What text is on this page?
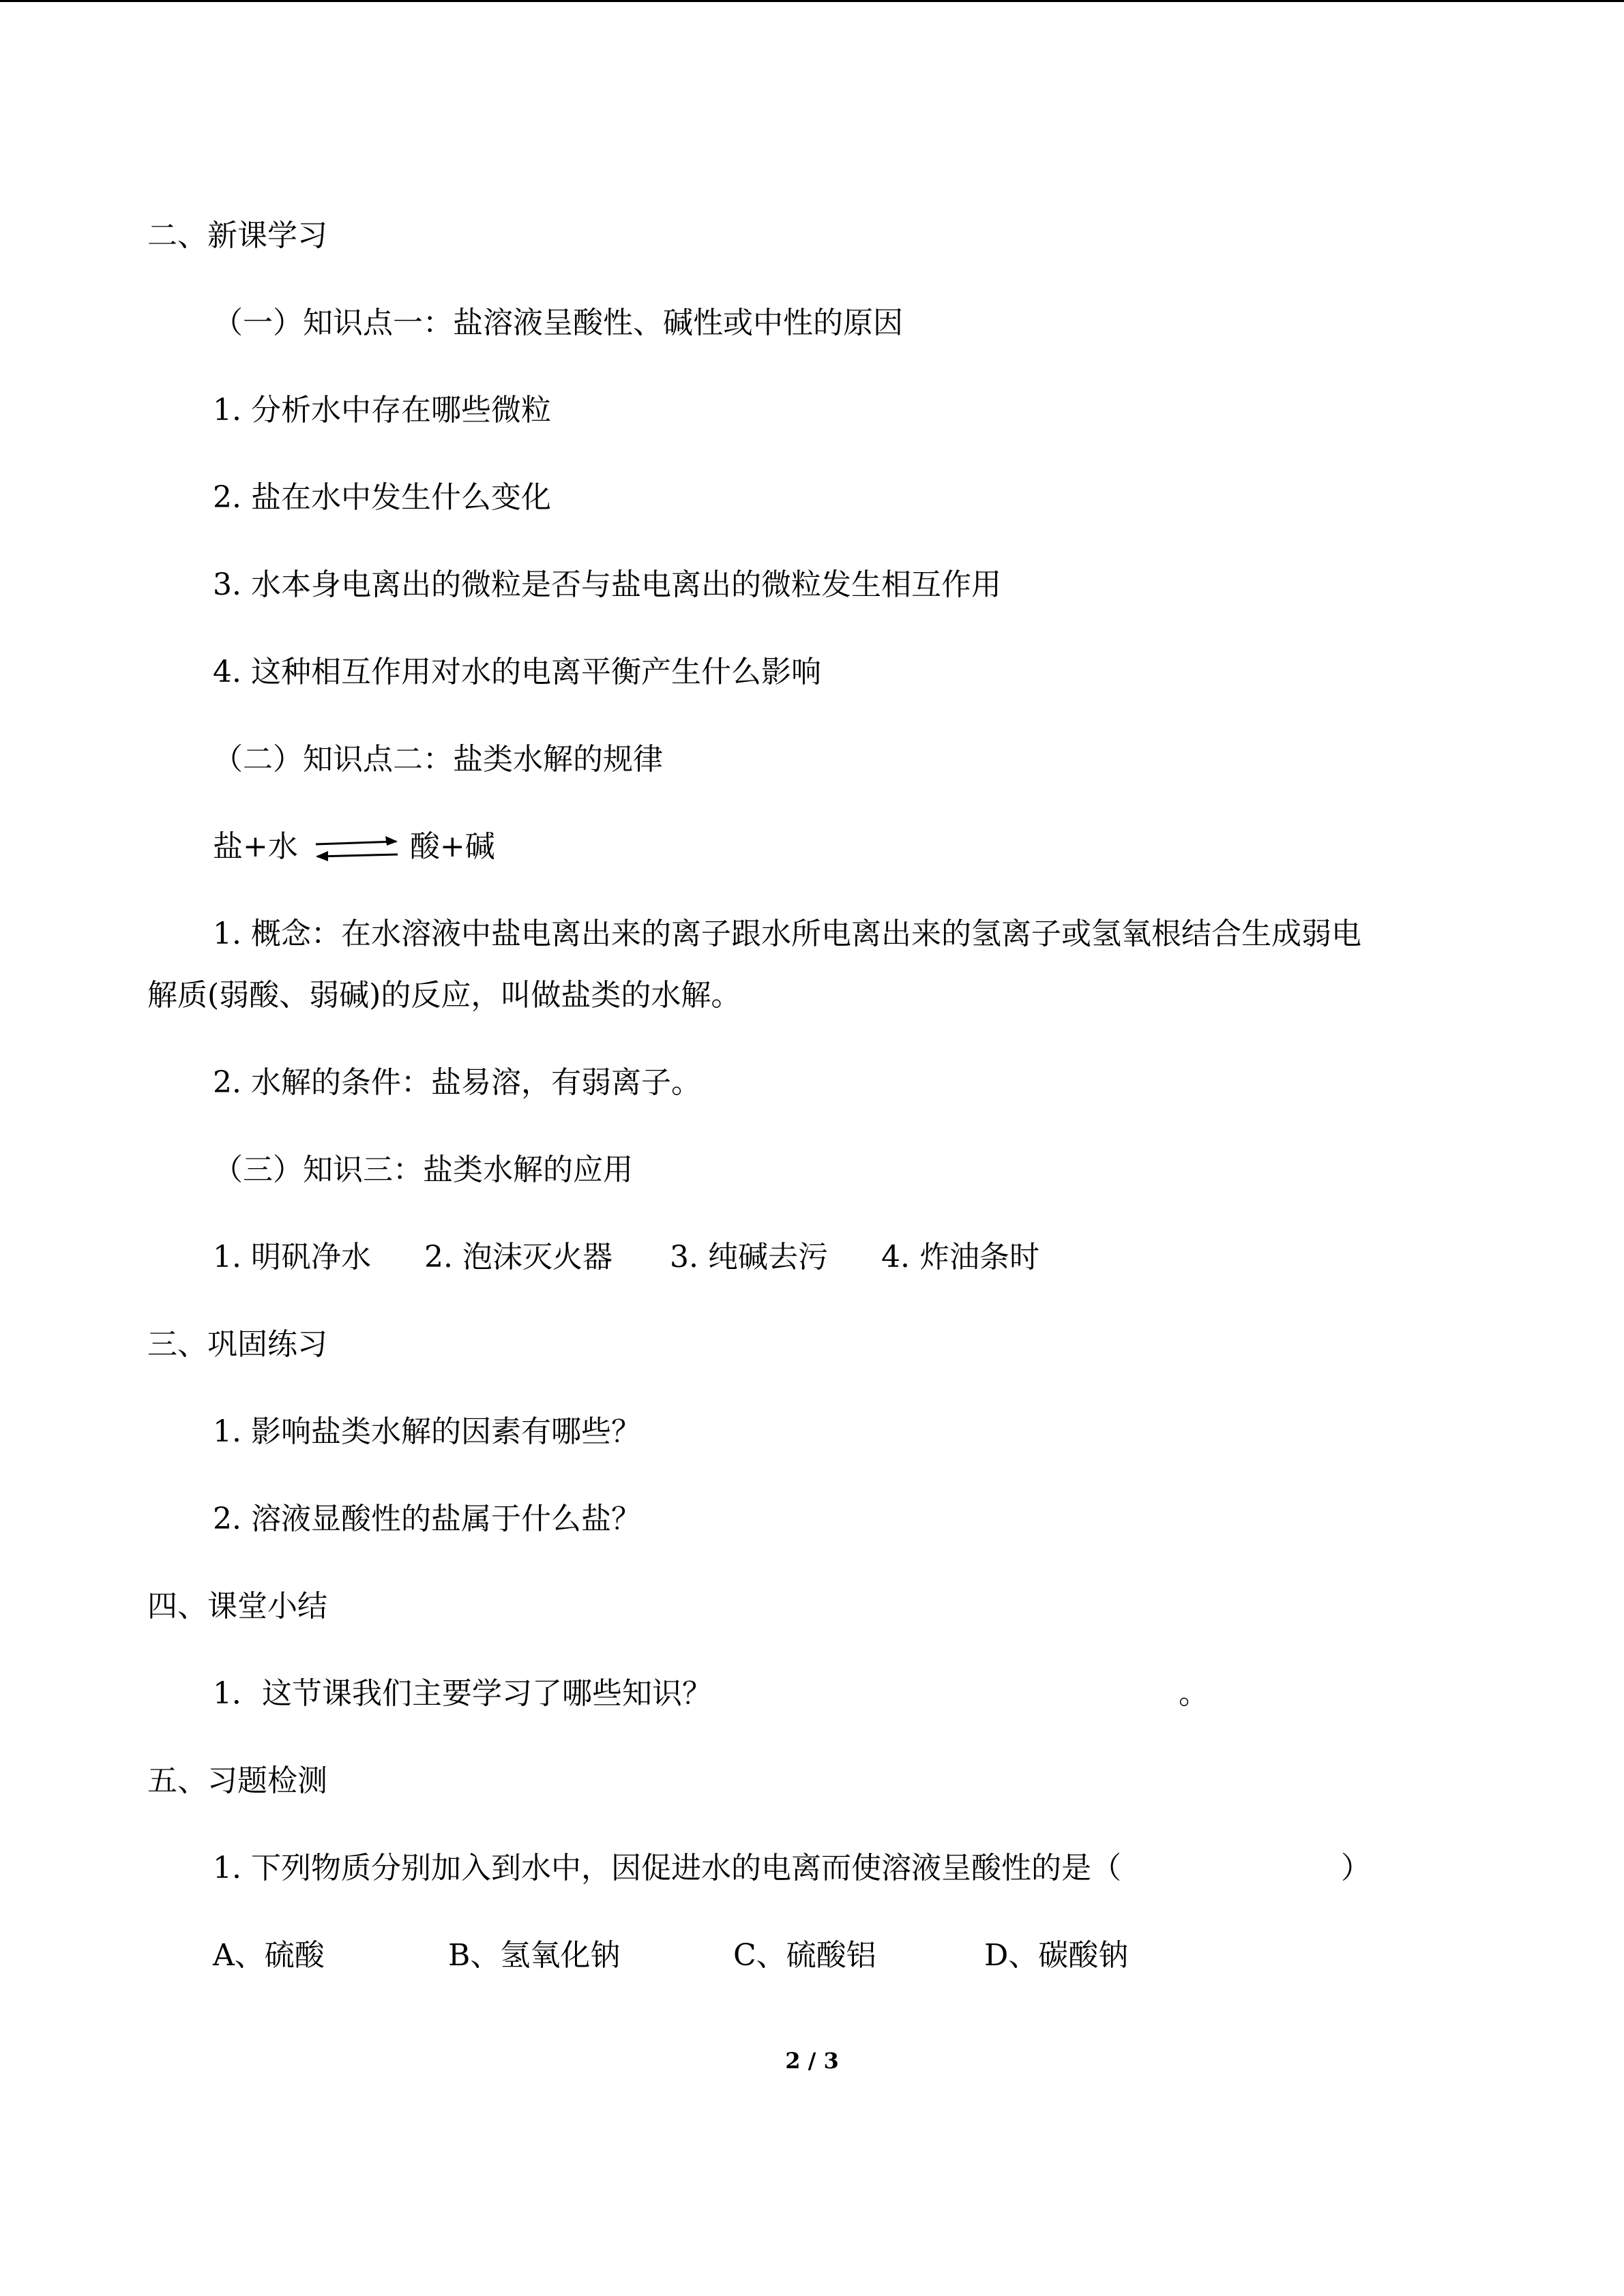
二、新课学习
（一）知识点一：盐溶液呈酸性、碱性或中性的原因
1. 分析水中存在哪些微粒
2. 盐在水中发生什么变化
3. 水本身电离出的微粒是否与盐电离出的微粒发生相互作用
4. 这种相互作用对水的电离平衡产生什么影响
（二）知识点二：盐类水解的规律
盐+水	酸+碱
1. 概念：在水溶液中盐电离出来的离子跟水所电离出来的氢离子或氢氧根结合生成弱电
解质(弱酸、弱碱)的反应，叫做盐类的水解。
2. 水解的条件：盐易溶，有弱离子。
（三）知识三：盐类水解的应用
1. 明矾净水 2. 泡沫灭火器 3. 纯碱去污 4. 炸油条时
三、巩固练习
1. 影响盐类水解的因素有哪些？
2. 溶液显酸性的盐属于什么盐？
四、课堂小结
1．这节课我们主要学习了哪些知识？	。
五、习题检测
1. 下列物质分别加入到水中，因促进水的电离而使溶液呈酸性的是（	）
A、硫酸	B、氢氧化钠	C、硫酸铝	D、碳酸钠
2 / 3
